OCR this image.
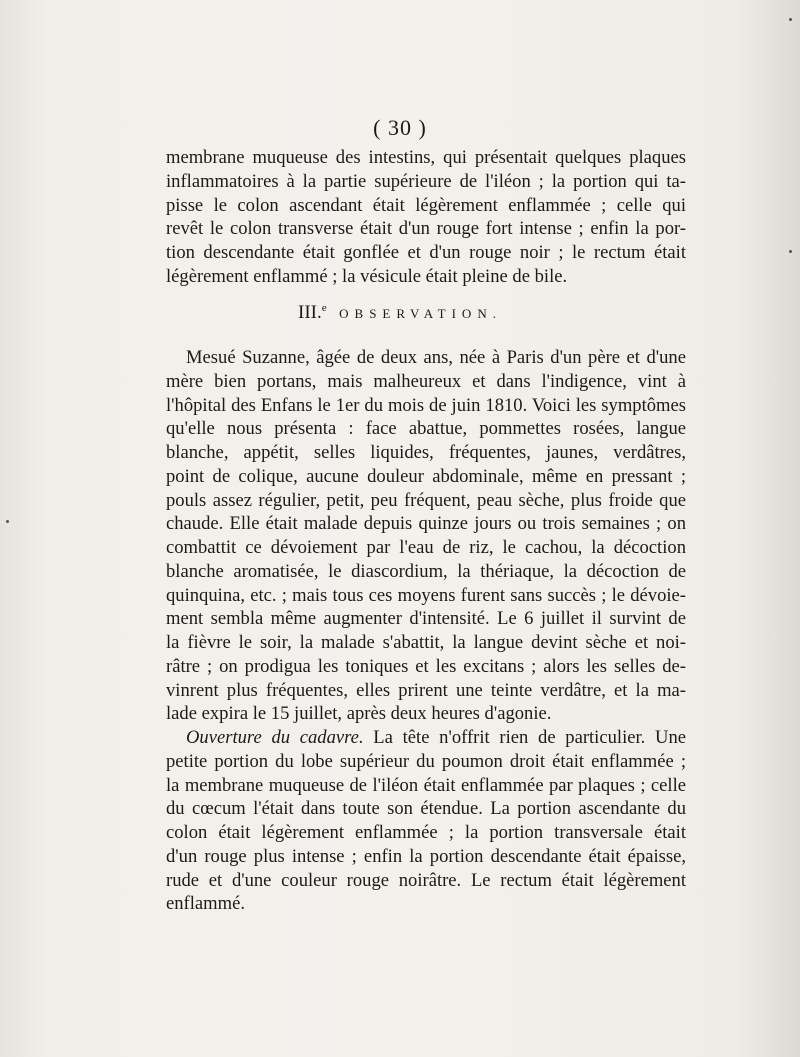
( 30 )
membrane muqueuse des intestins, qui présentait quelques plaques
inflammatoires à la partie supérieure de l'iléon ; la portion qui ta-
pisse le colon ascendant était légèrement enflammée ; celle qui
revêt le colon transverse était d'un rouge fort intense ; enfin la por-
tion descendante était gonflée et d'un rouge noir ; le rectum était
légèrement enflammé ; la vésicule était pleine de bile.
III.$^e$ OBSERVATION.
Mesué Suzanne, âgée de deux ans, née à Paris d'un père et d'une
mère bien portans, mais malheureux et dans l'indigence, vint à
l'hôpital des Enfans le 1er du mois de juin 1810. Voici les symptômes
qu'elle nous présenta : face abattue, pommettes rosées, langue
blanche, appétit, selles liquides, fréquentes, jaunes, verdâtres,
point de colique, aucune douleur abdominale, même en pressant ;
pouls assez régulier, petit, peu fréquent, peau sèche, plus froide que
chaude. Elle était malade depuis quinze jours ou trois semaines ; on
combattit ce dévoiement par l'eau de riz, le cachou, la décoction
blanche aromatisée, le diascordium, la thériaque, la décoction de
quinquina, etc. ; mais tous ces moyens furent sans succès ; le dévoie-
ment sembla même augmenter d'intensité. Le 6 juillet il survint de
la fièvre le soir, la malade s'abattit, la langue devint sèche et noi-
râtre ; on prodigua les toniques et les excitans ; alors les selles de-
vinrent plus fréquentes, elles prirent une teinte verdâtre, et la ma-
lade expira le 15 juillet, après deux heures d'agonie.
Ouverture du cadavre. La tête n'offrit rien de particulier. Une
petite portion du lobe supérieur du poumon droit était enflammée ;
la membrane muqueuse de l'iléon était enflammée par plaques ; celle
du cœcum l'était dans toute son étendue. La portion ascendante du
colon était légèrement enflammée ; la portion transversale était
d'un rouge plus intense ; enfin la portion descendante était épaisse,
rude et d'une couleur rouge noirâtre. Le rectum était légèrement
enflammé.
